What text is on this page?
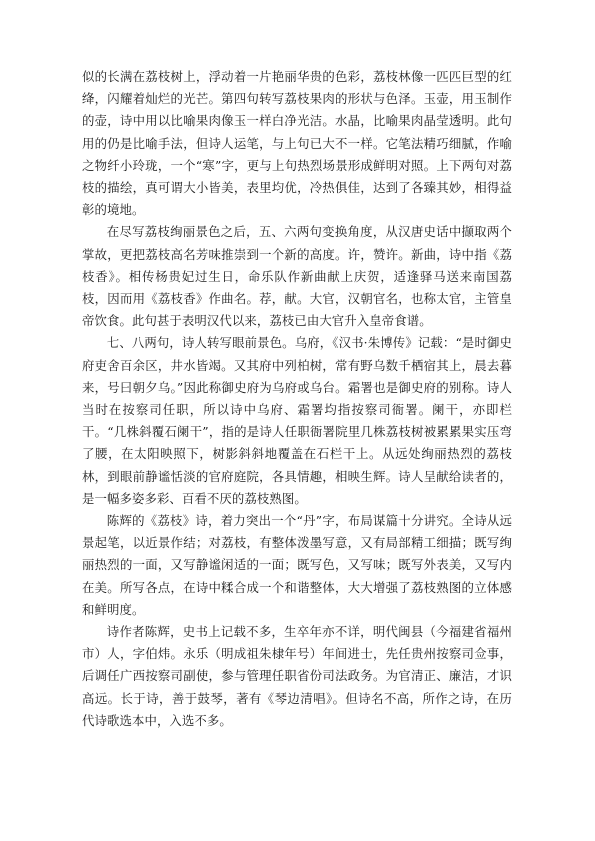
似的长满在荔枝树上，浮动着一片艳丽华贵的色彩，荔枝林像一匹匹巨型的红绛，闪耀着灿烂的光芒。第四句转写荔枝果肉的形状与色泽。玉壶，用玉制作的壶，诗中用以比喻果肉像玉一样白净光洁。水晶，比喻果肉晶莹透明。此句用的仍是比喻手法，但诗人运笔，与上句已大不一样。它笔法精巧细腻，作喻之物纤小玲珑，一个“寒”字，更与上句热烈场景形成鲜明对照。上下两句对荔枝的描绘，真可谓大小皆美，表里均优，冷热俱佳，达到了各臻其妙，相得益彰的境地。

在尽写荔枝绚丽景色之后，五、六两句变换角度，从汉唐史话中撷取两个掌故，更把荔枝高名芳味推崇到一个新的高度。许，赞许。新曲，诗中指《荔枝香》。相传杨贵妃过生日，命乐队作新曲献上庆贺，适逢驿马送来南国荔枝，因而用《荔枝香》作曲名。荐，献。大官，汉朝官名，也称太官，主管皇帝饮食。此句甚于表明汉代以来，荔枝已由大官升入皇帝食谱。

七、八两句，诗人转写眼前景色。乌府，《汉书·朱博传》记载：“是时御史府吏舍百余区，井水皆竭。又其府中列柏树，常有野乌数千栖宿其上，晨去暮来，号曰朝夕乌。”因此称御史府为乌府或乌台。霜署也是御史府的别称。诗人当时在按察司任职，所以诗中乌府、霜署均指按察司衙署。阑干，亦即栏干。“几株斜覆石阑干”，指的是诗人任职衙署院里几株荔枝树被累累果实压弯了腰，在太阳映照下，树影斜斜地覆盖在石栏干上。从远处绚丽热烈的荔枝林，到眼前静谧恬淡的官府庭院，各具情趣，相映生辉。诗人呈献给读者的，是一幅多姿多彩、百看不厌的荔枝熟图。

陈辉的《荔枝》诗，着力突出一个“丹”字，布局谋篇十分讲究。全诗从远景起笔，以近景作结；对荔枝，有整体泼墨写意，又有局部精工细描；既写绚丽热烈的一面，又写静谧闲适的一面；既写色，又写味；既写外表美，又写内在美。所写各点，在诗中糅合成一个和谐整体，大大增强了荔枝熟图的立体感和鲜明度。

诗作者陈辉，史书上记载不多，生卒年亦不详，明代闽县（今福建省福州市）人，字伯炜。永乐（明成祖朱棣年号）年间进士，先任贵州按察司佥事，后调任广西按察司副使，参与管理任职省份司法政务。为官清正、廉洁，才识高远。长于诗，善于鼓琴，著有《琴边清唱》。但诗名不高，所作之诗，在历代诗歌选本中，入选不多。
